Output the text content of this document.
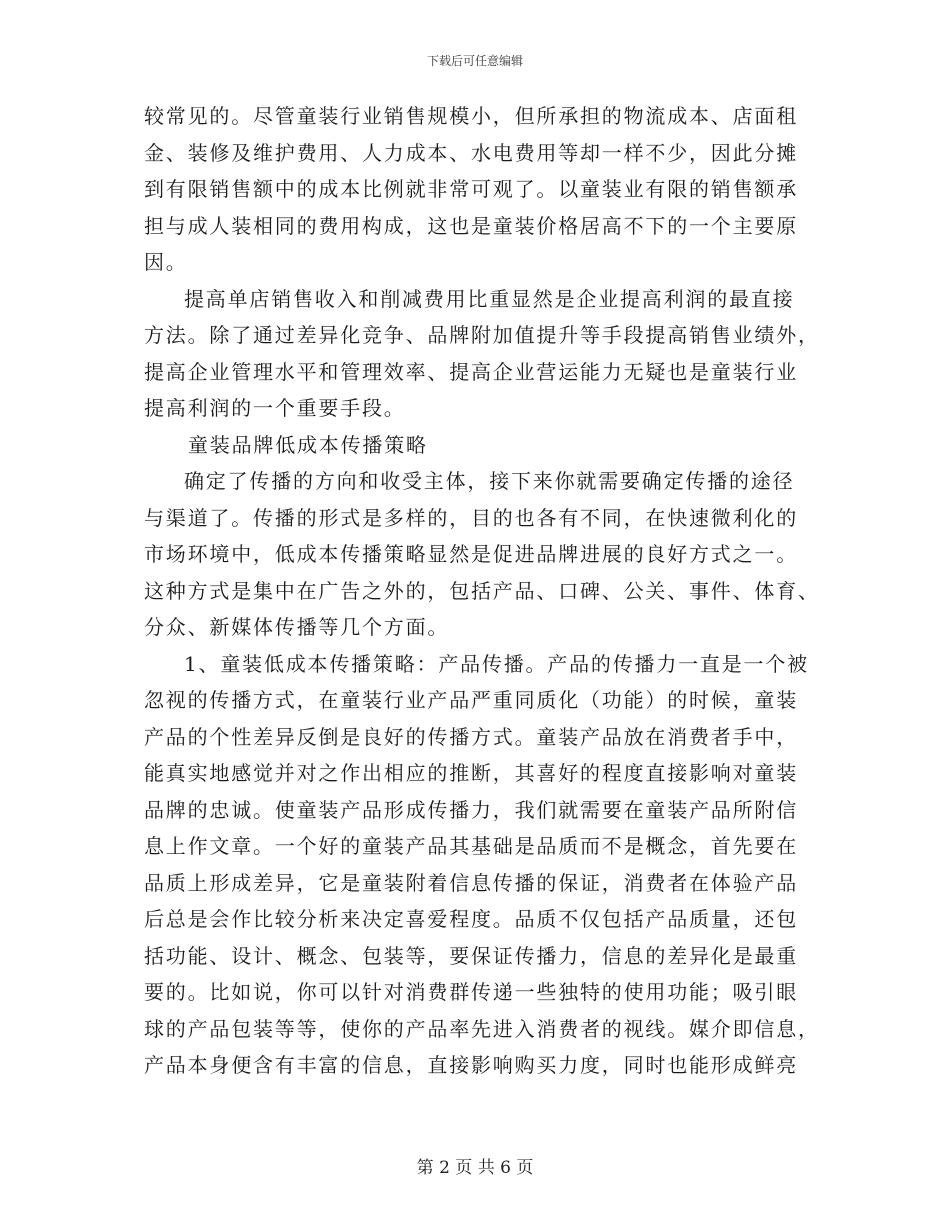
下载后可任意编辑
较常见的。尽管童装行业销售规模小，但所承担的物流成本、店面租
金、装修及维护费用、人力成本、水电费用等却一样不少，因此分摊
到有限销售额中的成本比例就非常可观了。以童装业有限的销售额承
担与成人装相同的费用构成，这也是童装价格居高不下的一个主要原
因。
提高单店销售收入和削减费用比重显然是企业提高利润的最直接
方法。除了通过差异化竞争、品牌附加值提升等手段提高销售业绩外，
提高企业管理水平和管理效率、提高企业营运能力无疑也是童装行业
提高利润的一个重要手段。
童装品牌低成本传播策略
确定了传播的方向和收受主体，接下来你就需要确定传播的途径
与渠道了。传播的形式是多样的，目的也各有不同，在快速微利化的
市场环境中，低成本传播策略显然是促进品牌进展的良好方式之一。
这种方式是集中在广告之外的，包括产品、口碑、公关、事件、体育、
分众、新媒体传播等几个方面。
1、童装低成本传播策略：产品传播。产品的传播力一直是一个被
忽视的传播方式，在童装行业产品严重同质化（功能）的时候，童装
产品的个性差异反倒是良好的传播方式。童装产品放在消费者手中，
能真实地感觉并对之作出相应的推断，其喜好的程度直接影响对童装
品牌的忠诚。使童装产品形成传播力，我们就需要在童装产品所附信
息上作文章。一个好的童装产品其基础是品质而不是概念，首先要在
品质上形成差异，它是童装附着信息传播的保证，消费者在体验产品
后总是会作比较分析来决定喜爱程度。品质不仅包括产品质量，还包
括功能、设计、概念、包装等，要保证传播力，信息的差异化是最重
要的。比如说，你可以针对消费群传递一些独特的使用功能；吸引眼
球的产品包装等等，使你的产品率先进入消费者的视线。媒介即信息，
产品本身便含有丰富的信息，直接影响购买力度，同时也能形成鲜亮
第 2 页 共 6 页
